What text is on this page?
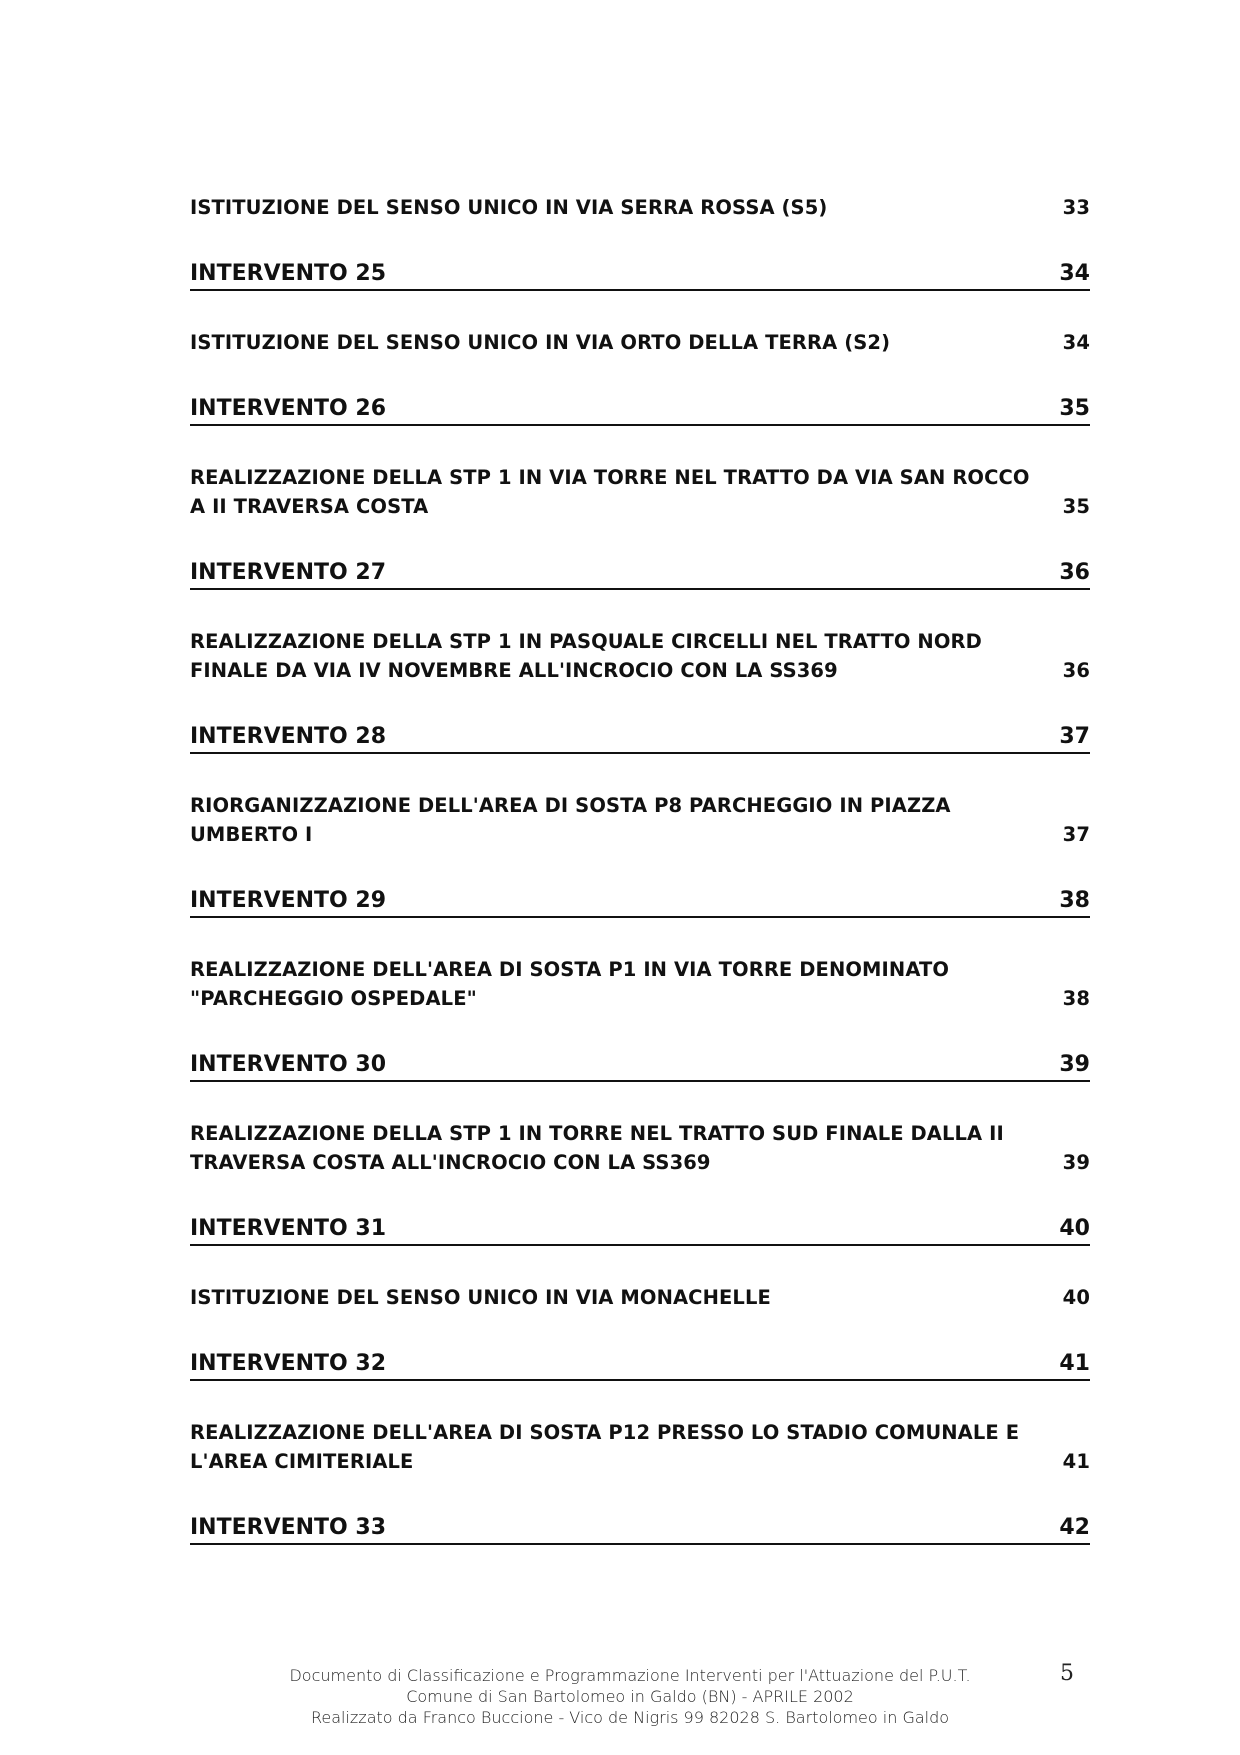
ISTITUZIONE DEL SENSO UNICO IN VIA SERRA ROSSA (S5)	33
INTERVENTO 25	34
ISTITUZIONE DEL SENSO UNICO IN VIA ORTO DELLA TERRA (S2)	34
INTERVENTO 26	35
REALIZZAZIONE DELLA STP 1 IN VIA TORRE NEL TRATTO DA VIA SAN ROCCO A II TRAVERSA COSTA	35
INTERVENTO 27	36
REALIZZAZIONE DELLA STP 1 IN PASQUALE CIRCELLI NEL TRATTO NORD FINALE DA VIA IV NOVEMBRE ALL'INCROCIO CON LA SS369	36
INTERVENTO 28	37
RIORGANIZZAZIONE DELL'AREA DI SOSTA P8 PARCHEGGIO IN PIAZZA UMBERTO I	37
INTERVENTO 29	38
REALIZZAZIONE DELL'AREA DI SOSTA P1 IN VIA TORRE DENOMINATO "PARCHEGGIO OSPEDALE"	38
INTERVENTO 30	39
REALIZZAZIONE DELLA STP 1 IN TORRE NEL TRATTO SUD FINALE DALLA II TRAVERSA COSTA ALL'INCROCIO CON LA SS369	39
INTERVENTO 31	40
ISTITUZIONE DEL SENSO UNICO IN VIA MONACHELLE	40
INTERVENTO 32	41
REALIZZAZIONE DELL'AREA DI SOSTA P12 PRESSO LO STADIO COMUNALE E L'AREA CIMITERIALE	41
INTERVENTO 33	42
Documento di Classificazione e Programmazione Interventi per l'Attuazione del P.U.T.
Comune di San Bartolomeo in Galdo (BN) - APRILE 2002
Realizzato da Franco Buccione - Vico de Nigris 99 82028 S. Bartolomeo in Galdo
5
